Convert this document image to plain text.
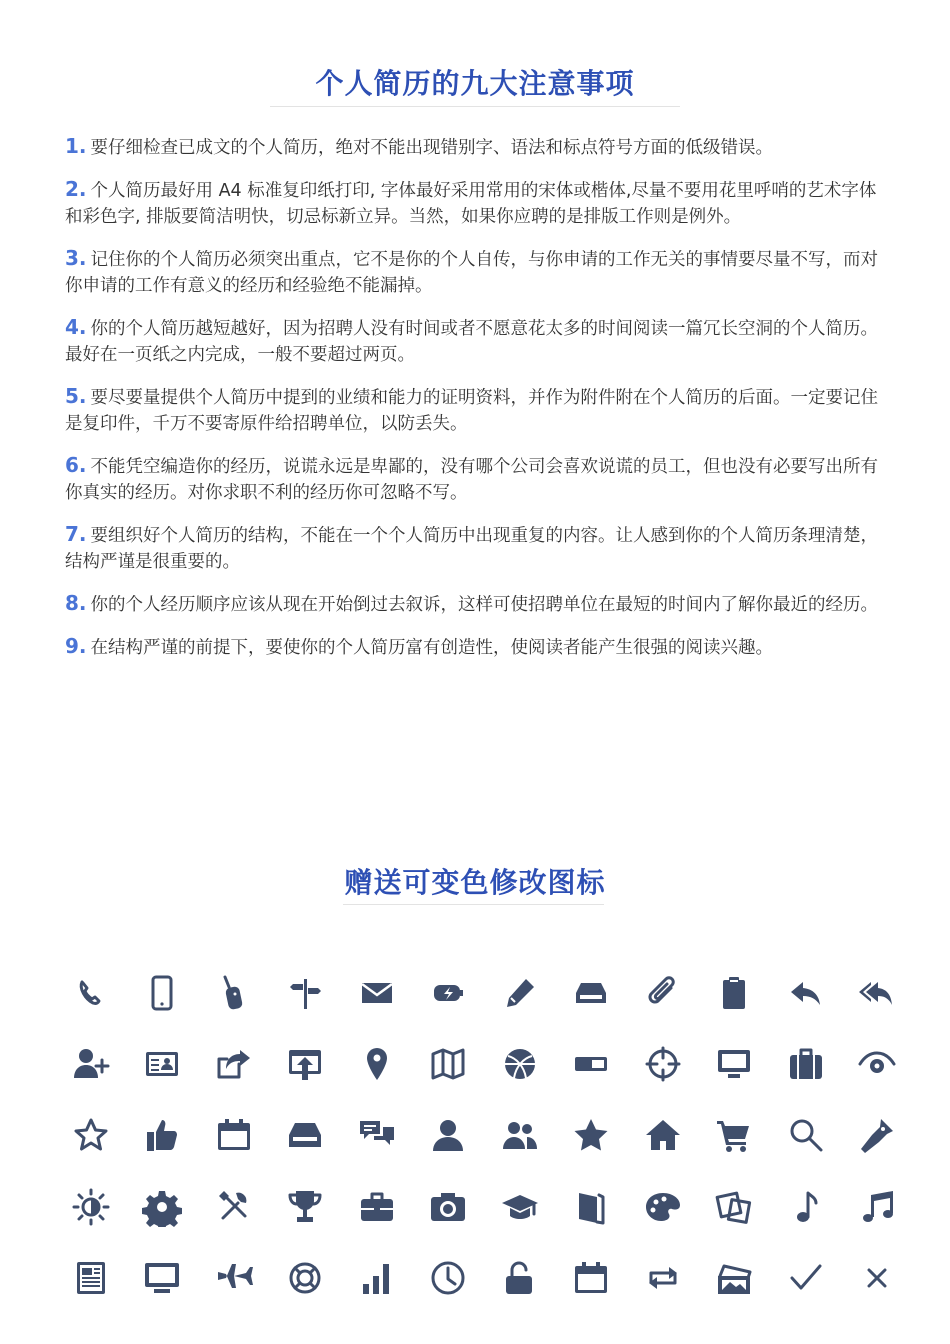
个人简历的九大注意事项
1. 要仔细检查已成文的个人简历，绝对不能出现错别字、语法和标点符号方面的低级错误。
2. 个人简历最好用 A4 标准复印纸打印, 字体最好采用常用的宋体或楷体,尽量不要用花里呼哨的艺术字体和彩色字, 排版要简洁明快，切忌标新立异。当然，如果你应聘的是排版工作则是例外。
3. 记住你的个人简历必须突出重点，它不是你的个人自传，与你申请的工作无关的事情要尽量不写，而对你申请的工作有意义的经历和经验绝不能漏掉。
4. 你的个人简历越短越好，因为招聘人没有时间或者不愿意花太多的时间阅读一篇冗长空洞的个人简历。最好在一页纸之内完成，一般不要超过两页。
5. 要尽要量提供个人简历中提到的业绩和能力的证明资料，并作为附件附在个人简历的后面。一定要记住是复印件，千万不要寄原件给招聘单位，以防丢失。
6. 不能凭空编造你的经历，说谎永远是卑鄙的，没有哪个公司会喜欢说谎的员工，但也没有必要写出所有你真实的经历。对你求职不利的经历你可忽略不写。
7. 要组织好个人简历的结构，不能在一个个人简历中出现重复的内容。让人感到你的个人简历条理清楚，结构严谨是很重要的。
8. 你的个人经历顺序应该从现在开始倒过去叙诉，这样可使招聘单位在最短的时间内了解你最近的经历。
9. 在结构严谨的前提下，要使你的个人简历富有创造性，使阅读者能产生很强的阅读兴趣。
赠送可变色修改图标
